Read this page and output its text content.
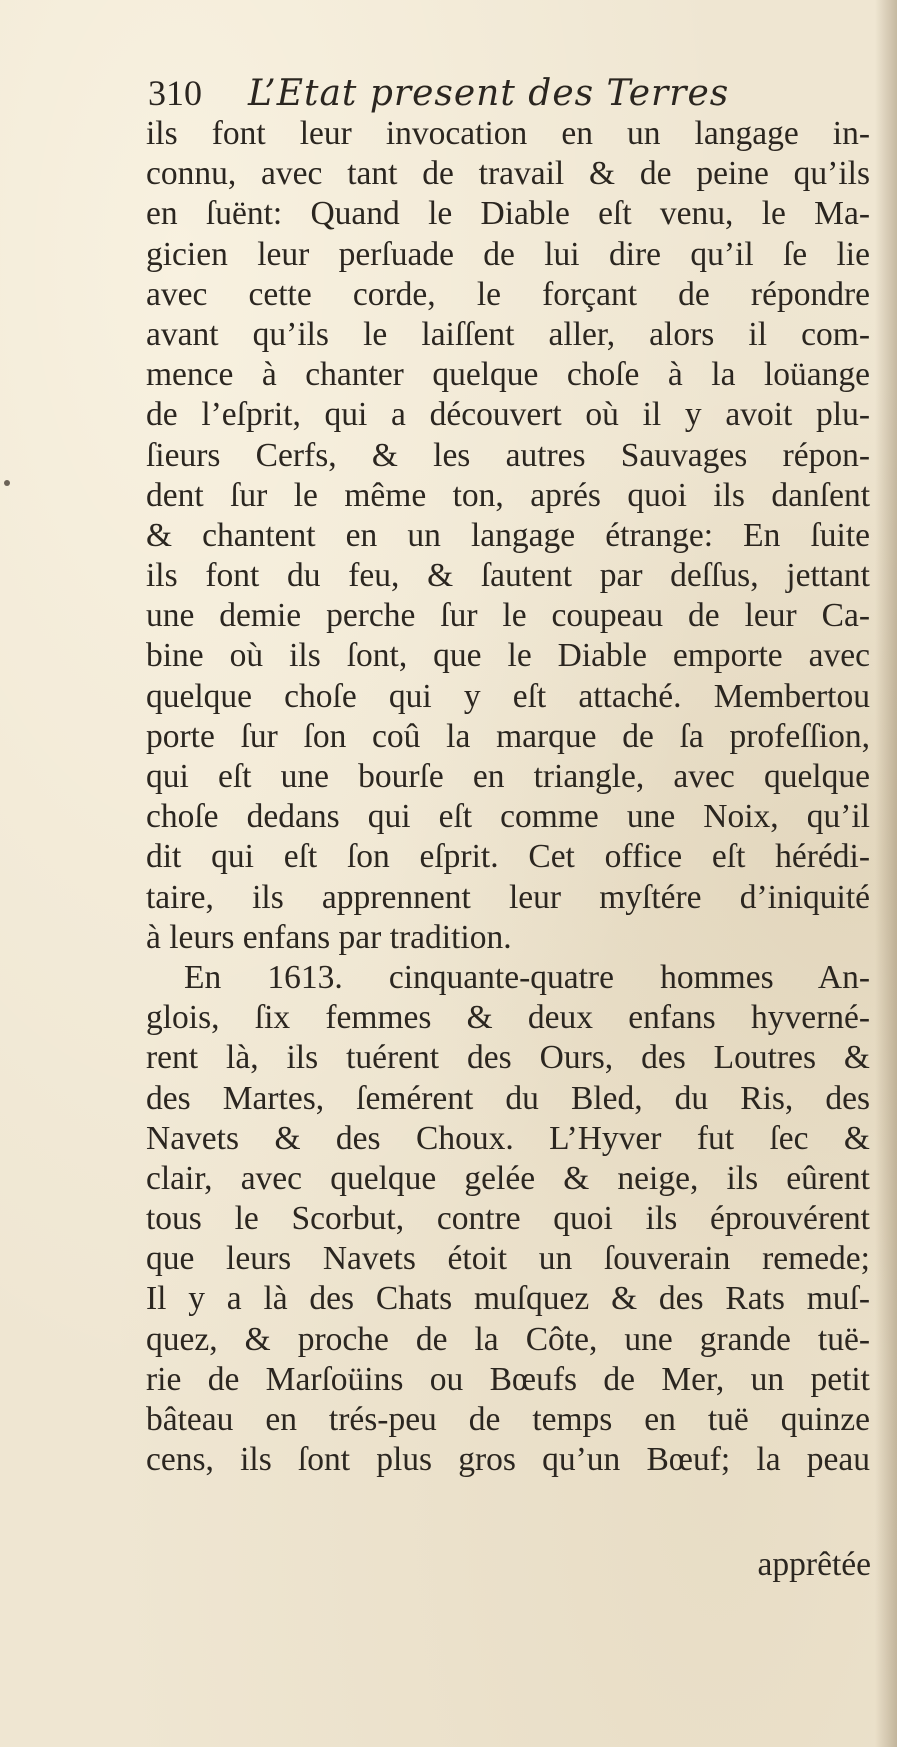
310 L’Etat present des Terres
ils font leur invocation en un langage in-
connu, avec tant de travail & de peine qu’ils
en ſuënt: Quand le Diable eſt venu, le Ma-
gicien leur perſuade de lui dire qu’il ſe lie
avec cette corde, le forçant de répondre
avant qu’ils le laiſſent aller, alors il com-
mence à chanter quelque choſe à la loüange
de l’eſprit, qui a découvert où il y avoit plu-
ſieurs Cerfs, & les autres Sauvages répon-
dent ſur le même ton, aprés quoi ils danſent
& chantent en un langage étrange: En ſuite
ils font du feu, & ſautent par deſſus, jettant
une demie perche ſur le coupeau de leur Ca-
bine où ils ſont, que le Diable emporte avec
quelque choſe qui y eſt attaché. Membertou
porte ſur ſon coû la marque de ſa profeſſion,
qui eſt une bourſe en triangle, avec quelque
choſe dedans qui eſt comme une Noix, qu’il
dit qui eſt ſon eſprit. Cet office eſt hérédi-
taire, ils apprennent leur myſtére d’iniquité
à leurs enfans par tradition.
En 1613. cinquante-quatre hommes An-
glois, ſix femmes & deux enfans hyverné-
rent là, ils tuérent des Ours, des Loutres &
des Martes, ſemérent du Bled, du Ris, des
Navets & des Choux. L’Hyver fut ſec &
clair, avec quelque gelée & neige, ils eûrent
tous le Scorbut, contre quoi ils éprouvérent
que leurs Navets étoit un ſouverain remede;
Il y a là des Chats muſquez & des Rats muſ-
quez, & proche de la Côte, une grande tuë-
rie de Marſoüins ou Bœufs de Mer, un petit
bâteau en trés-peu de temps en tuë quinze
cens, ils ſont plus gros qu’un Bœuf; la peau
apprêtée
